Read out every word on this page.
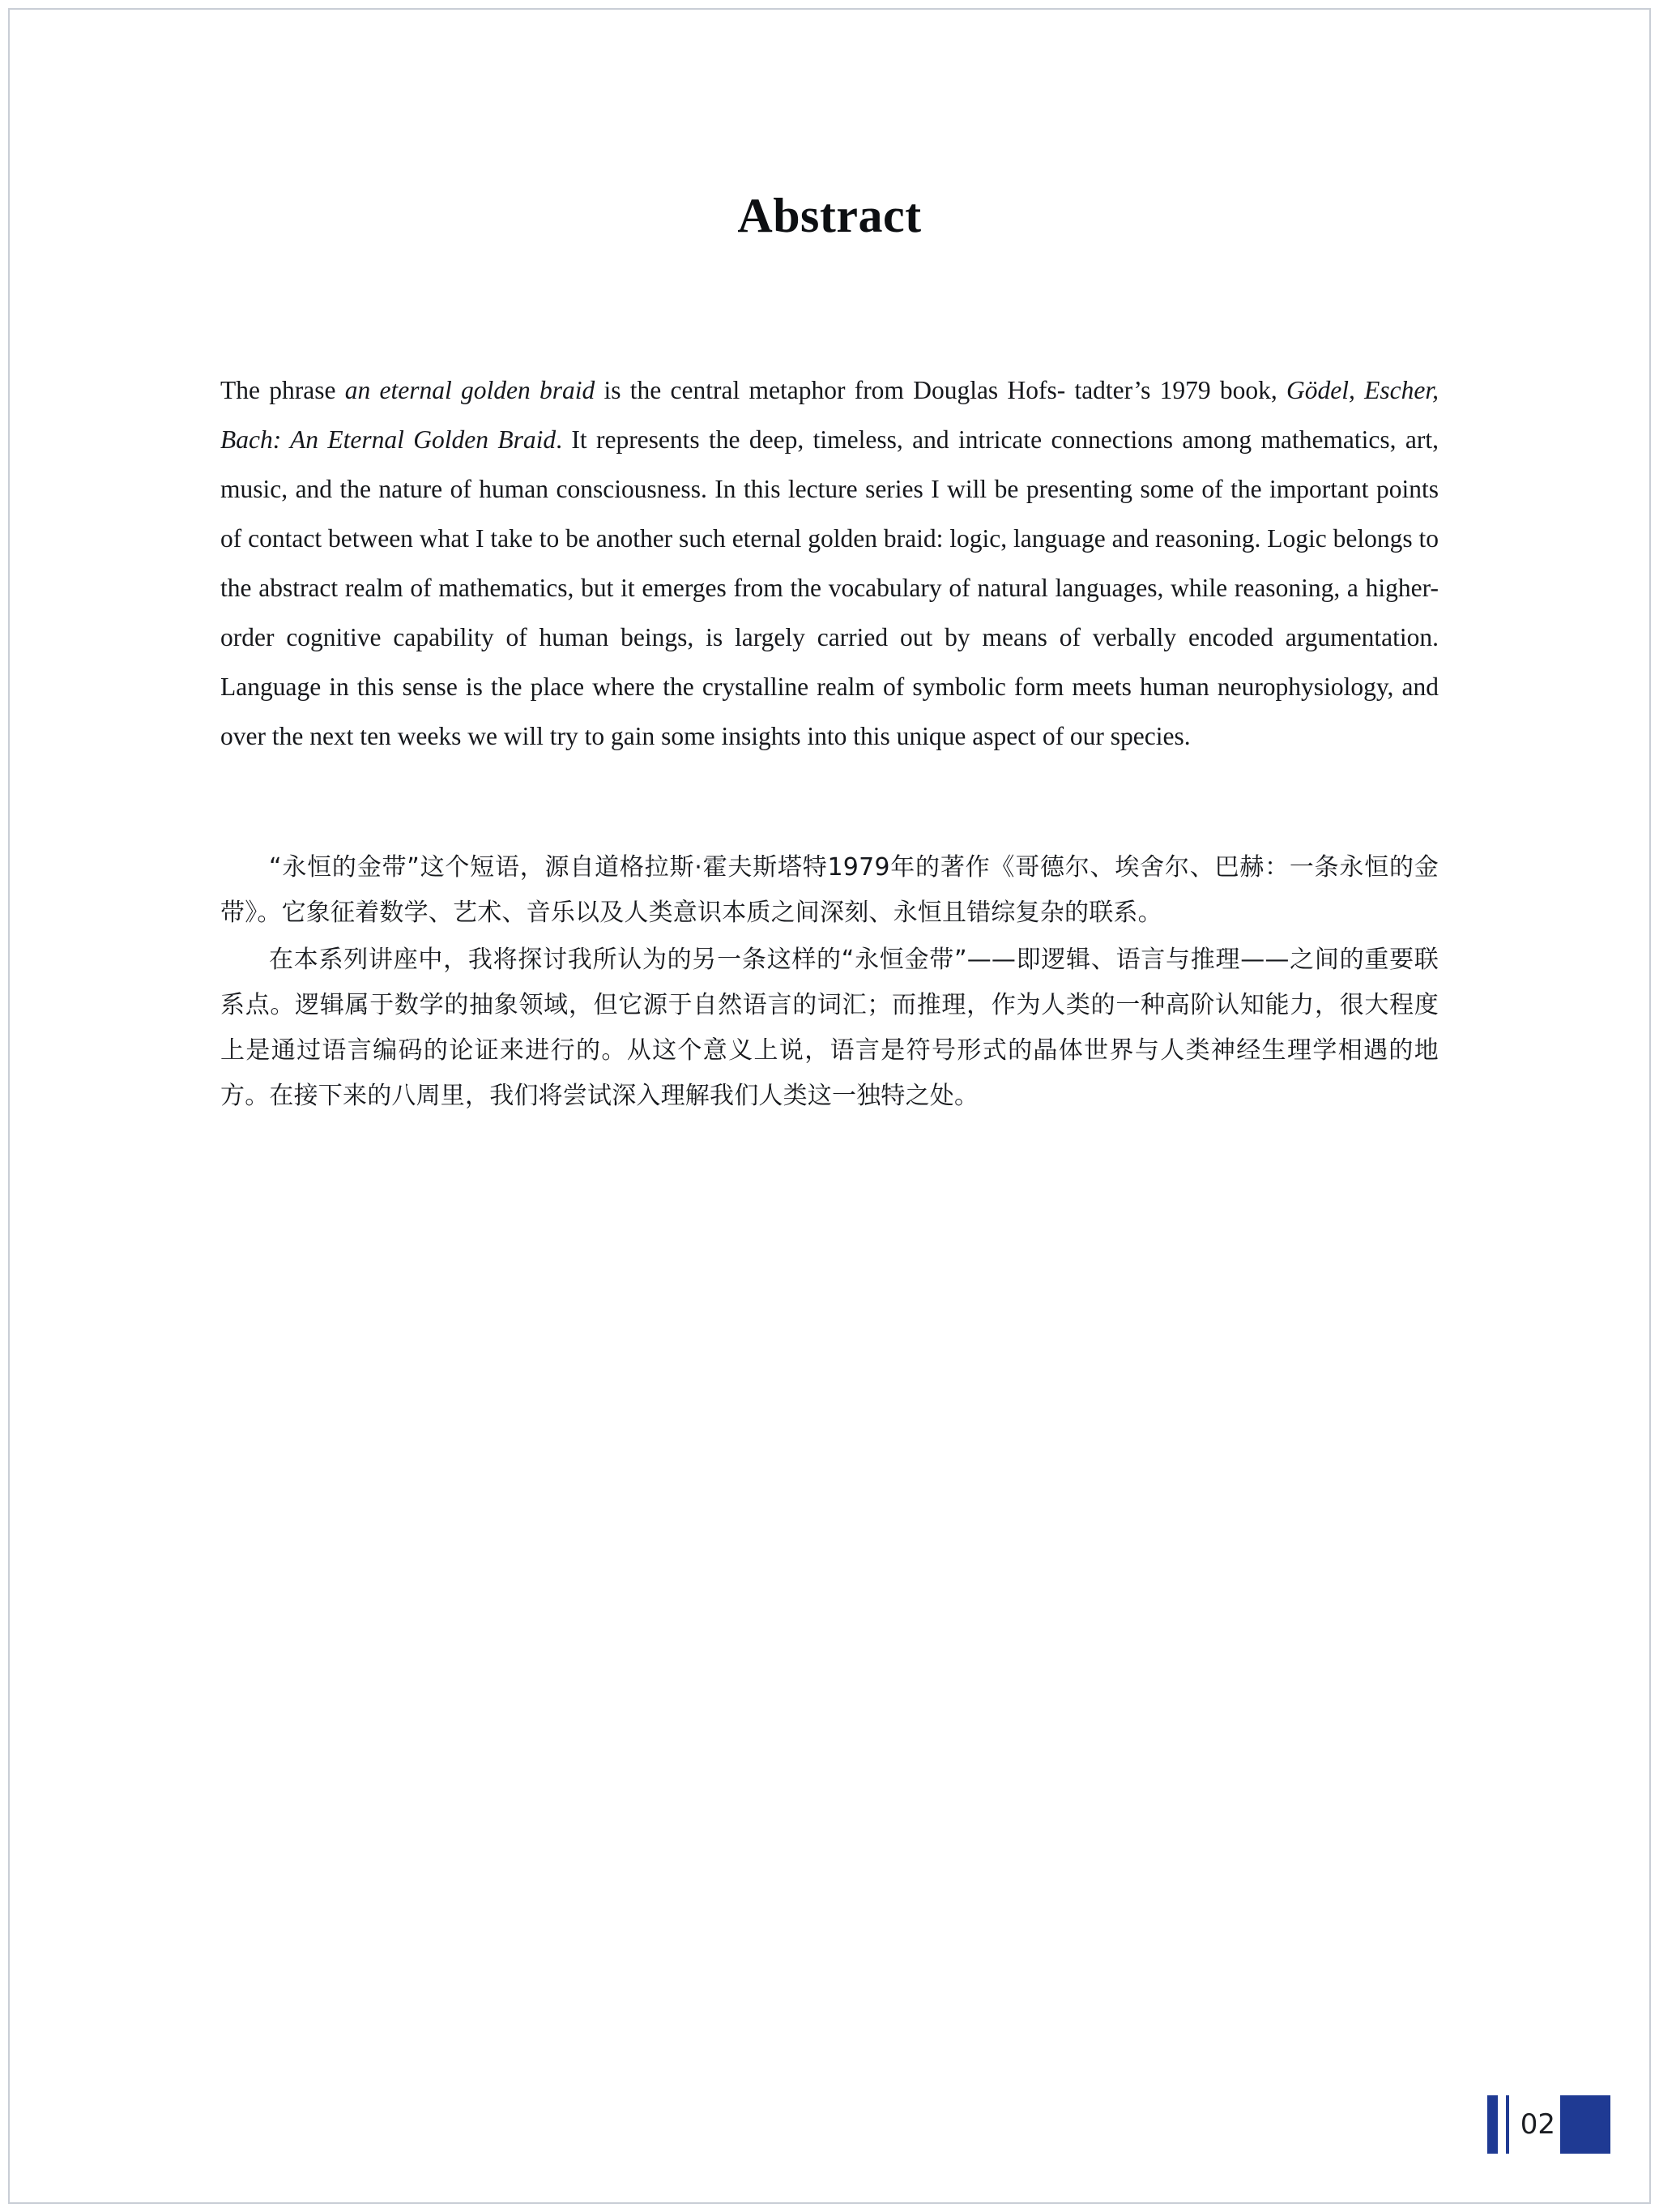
Abstract

The phrase an eternal golden braid is the central metaphor from Douglas Hofs- tadter’s 1979 book, Gödel, Escher, Bach: An Eternal Golden Braid. It represents the deep, timeless, and intricate connections among mathematics, art, music, and the nature of human consciousness. In this lecture series I will be presenting some of the important points of contact between what I take to be another such eternal golden braid: logic, language and reasoning. Logic belongs to the abstract realm of mathematics, but it emerges from the vocabulary of natural languages, while reasoning, a higher-order cognitive capability of human beings, is largely carried out by means of verbally encoded argumentation. Language in this sense is the place where the crystalline realm of symbolic form meets human neurophysiology, and over the next ten weeks we will try to gain some insights into this unique aspect of our species.

“永恒的金带”这个短语，源自道格拉斯·霍夫斯塔特1979年的著作《哥德尔、埃舍尔、巴赫：一条永恒的金带》。它象征着数学、艺术、音乐以及人类意识本质之间深刻、永恒且错综复杂的联系。

在本系列讲座中，我将探讨我所认为的另一条这样的“永恒金带”——即逻辑、语言与推理——之间的重要联系点。逻辑属于数学的抽象领域，但它源于自然语言的词汇；而推理，作为人类的一种高阶认知能力，很大程度上是通过语言编码的论证来进行的。从这个意义上说，语言是符号形式的晶体世界与人类神经生理学相遇的地方。在接下来的八周里，我们将尝试深入理解我们人类这一独特之处。

02
